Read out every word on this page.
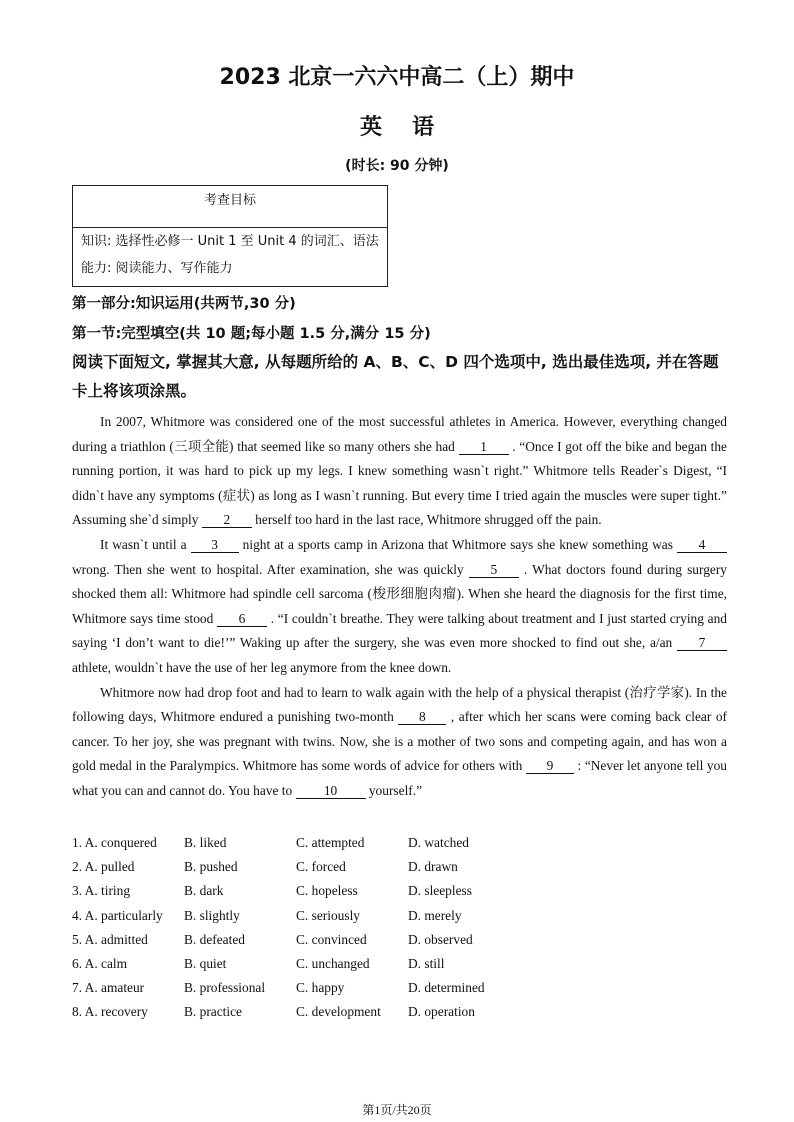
2023 北京一六六中高二（上）期中
英语
(时长: 90 分钟)
考查目标
知识: 选择性必修一 Unit 1 至 Unit 4 的词汇、语法
能力: 阅读能力、写作能力
第一部分:知识运用(共两节,30 分)
第一节:完型填空(共 10 题;每小题 1.5 分,满分 15 分)
阅读下面短文, 掌握其大意, 从每题所给的 A、B、C、D 四个选项中, 选出最佳选项, 并在答题卡上将该项涂黑。

In 2007, Whitmore was considered one of the most successful athletes in America. However, everything changed during a triathlon (三项全能) that seemed like so many others she had 1 . “Once I got off the bike and began the running portion, it was hard to pick up my legs. I knew something wasn`t right.” Whitmore tells Reader`s Digest, “I didn`t have any symptoms (症状) as long as I wasn`t running. But every time I tried again the muscles were super tight.” Assuming she`d simply 2 herself too hard in the last race, Whitmore shrugged off the pain.

It wasn`t until a 3 night at a sports camp in Arizona that Whitmore says she knew something was 4 wrong. Then she went to hospital. After examination, she was quickly 5 . What doctors found during surgery shocked them all: Whitmore had spindle cell sarcoma (梭形细胞肉瘤). When she heard the diagnosis for the first time, Whitmore says time stood 6 . “I couldn`t breathe. They were talking about treatment and I just started crying and saying ‘I don’t want to die!’” Waking up after the surgery, she was even more shocked to find out she, a/an 7 athlete, wouldn`t have the use of her leg anymore from the knee down.

Whitmore now had drop foot and had to learn to walk again with the help of a physical therapist (治疗学家). In the following days, Whitmore endured a punishing two-month 8 , after which her scans were coming back clear of cancer. To her joy, she was pregnant with twins. Now, she is a mother of two sons and competing again, and has won a gold medal in the Paralympics. Whitmore has some words of advice for others with 9 : “Never let anyone tell you what you can and cannot do. You have to 10 yourself.”

1. A. conquered	B. liked	C. attempted	D. watched
2. A. pulled	B. pushed	C. forced	D. drawn
3. A. tiring	B. dark	C. hopeless	D. sleepless
4. A. particularly	B. slightly	C. seriously	D. merely
5. A. admitted	B. defeated	C. convinced	D. observed
6. A. calm	B. quiet	C. unchanged	D. still
7. A. amateur	B. professional	C. happy	D. determined
8. A. recovery	B. practice	C. development	D. operation
第1页/共20页
